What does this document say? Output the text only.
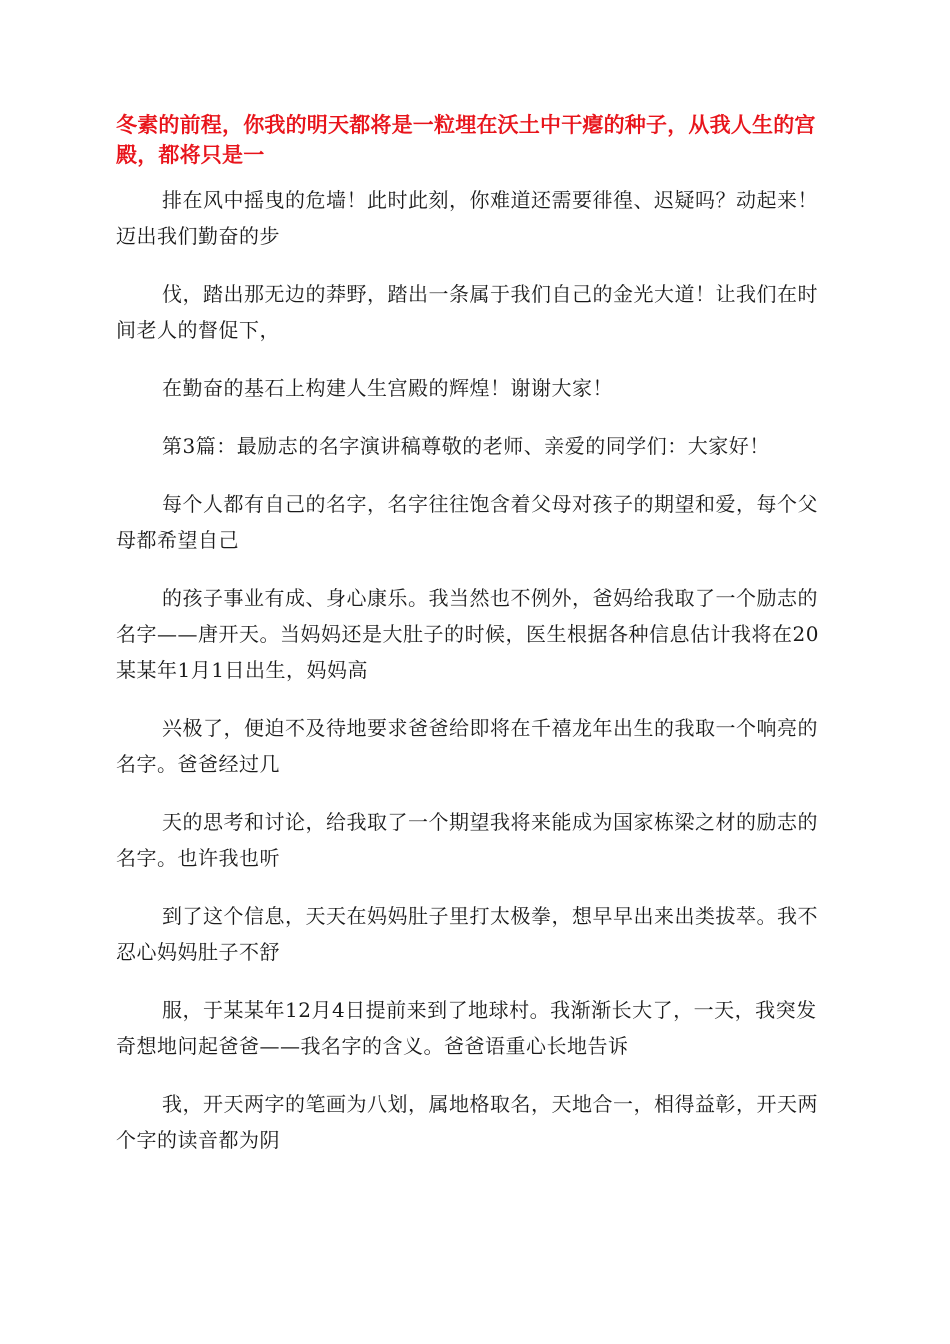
冬素的前程，你我的明天都将是一粒埋在沃土中干瘪的种子，从我人生的宫殿，都将只是一

排在风中摇曳的危墙！此时此刻，你难道还需要徘徨、迟疑吗？动起来！迈出我们勤奋的步

伐，踏出那无边的莽野，踏出一条属于我们自己的金光大道！让我们在时间老人的督促下，

在勤奋的基石上构建人生宫殿的辉煌！谢谢大家！

第3篇：最励志的名字演讲稿尊敬的老师、亲爱的同学们：大家好！

每个人都有自己的名字，名字往往饱含着父母对孩子的期望和爱，每个父母都希望自己

的孩子事业有成、身心康乐。我当然也不例外，爸妈给我取了一个励志的名字——唐开天。当妈妈还是大肚子的时候，医生根据各种信息估计我将在20某某年1月1日出生，妈妈高

兴极了，便迫不及待地要求爸爸给即将在千禧龙年出生的我取一个响亮的名字。爸爸经过几

天的思考和讨论，给我取了一个期望我将来能成为国家栋梁之材的励志的名字。也许我也听

到了这个信息，天天在妈妈肚子里打太极拳，想早早出来出类拔萃。我不忍心妈妈肚子不舒

服，于某某年12月4日提前来到了地球村。我渐渐长大了，一天，我突发奇想地问起爸爸——我名字的含义。爸爸语重心长地告诉

我，开天两字的笔画为八划，属地格取名，天地合一，相得益彰，开天两个字的读音都为阴
